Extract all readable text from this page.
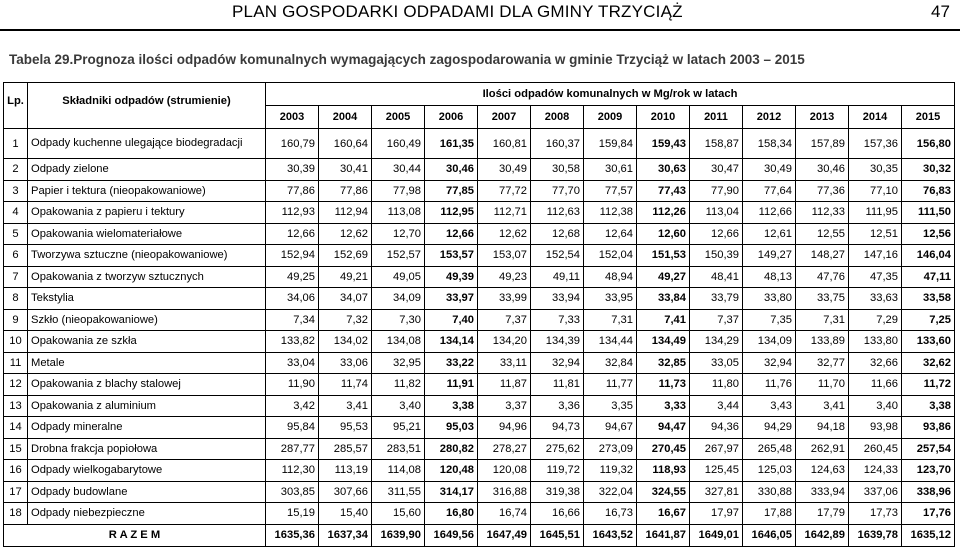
PLAN GOSPODARKI ODPADAMI DLA GMINY TRZYCIĄŻ	47
Tabela 29.Prognoza ilości odpadów komunalnych wymagających zagospodarowania w gminie Trzyciąż w latach 2003 – 2015
Lp.	Składniki odpadów (strumienie)	Ilości odpadów komunalnych w Mg/rok w latach												
		2003	2004	2005	2006	2007	2008	2009	2010	2011	2012	2013	2014	2015
1	Odpady kuchenne ulegające biodegradacji	160,79	160,64	160,49	161,35	160,81	160,37	159,84	159,43	158,87	158,34	157,89	157,36	156,80
2	Odpady zielone	30,39	30,41	30,44	30,46	30,49	30,58	30,61	30,63	30,47	30,49	30,46	30,35	30,32
3	Papier i tektura (nieopakowaniowe)	77,86	77,86	77,98	77,85	77,72	77,70	77,57	77,43	77,90	77,64	77,36	77,10	76,83
4	Opakowania z papieru i tektury	112,93	112,94	113,08	112,95	112,71	112,63	112,38	112,26	113,04	112,66	112,33	111,95	111,50
5	Opakowania wielomateriałowe	12,66	12,62	12,70	12,66	12,62	12,68	12,64	12,60	12,66	12,61	12,55	12,51	12,56
6	Tworzywa sztuczne (nieopakowaniowe)	152,94	152,69	152,57	153,57	153,07	152,54	152,04	151,53	150,39	149,27	148,27	147,16	146,04
7	Opakowania z tworzyw sztucznych	49,25	49,21	49,05	49,39	49,23	49,11	48,94	49,27	48,41	48,13	47,76	47,35	47,11
8	Tekstylia	34,06	34,07	34,09	33,97	33,99	33,94	33,95	33,84	33,79	33,80	33,75	33,63	33,58
9	Szkło (nieopakowaniowe)	7,34	7,32	7,30	7,40	7,37	7,33	7,31	7,41	7,37	7,35	7,31	7,29	7,25
10	Opakowania ze szkła	133,82	134,02	134,08	134,14	134,20	134,39	134,44	134,49	134,29	134,09	133,89	133,80	133,60
11	Metale	33,04	33,06	32,95	33,22	33,11	32,94	32,84	32,85	33,05	32,94	32,77	32,66	32,62
12	Opakowania z blachy stalowej	11,90	11,74	11,82	11,91	11,87	11,81	11,77	11,73	11,80	11,76	11,70	11,66	11,72
13	Opakowania z aluminium	3,42	3,41	3,40	3,38	3,37	3,36	3,35	3,33	3,44	3,43	3,41	3,40	3,38
14	Odpady mineralne	95,84	95,53	95,21	95,03	94,96	94,73	94,67	94,47	94,36	94,29	94,18	93,98	93,86
15	Drobna frakcja popiołowa	287,77	285,57	283,51	280,82	278,27	275,62	273,09	270,45	267,97	265,48	262,91	260,45	257,54
16	Odpady wielkogabarytowe	112,30	113,19	114,08	120,48	120,08	119,72	119,32	118,93	125,45	125,03	124,63	124,33	123,70
17	Odpady budowlane	303,85	307,66	311,55	314,17	316,88	319,38	322,04	324,55	327,81	330,88	333,94	337,06	338,96
18	Odpady niebezpieczne	15,19	15,40	15,60	16,80	16,74	16,66	16,73	16,67	17,97	17,88	17,79	17,73	17,76
R A Z E M		1635,36	1637,34	1639,90	1649,56	1647,49	1645,51	1643,52	1641,87	1649,01	1646,05	1642,89	1639,78	1635,12
